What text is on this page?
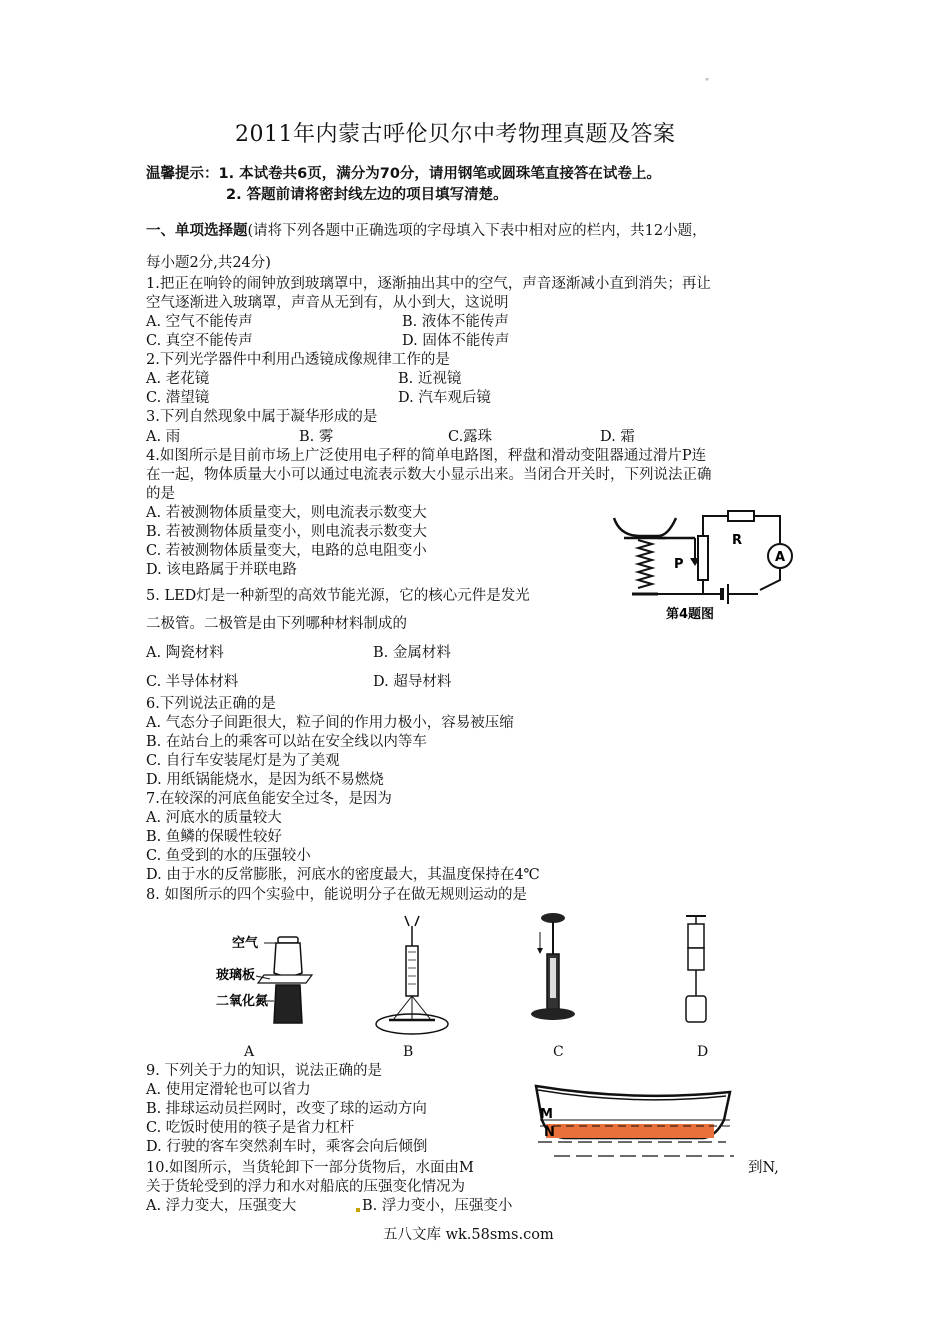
"
2011年内蒙古呼伦贝尔中考物理真题及答案
温馨提示：1. 本试卷共6页，满分为70分，请用钢笔或圆珠笔直接答在试卷上。
2. 答题前请将密封线左边的项目填写清楚。
一、单项选择题(请将下列各题中正确选项的字母填入下表中相对应的栏内，共12小题，
每小题2分,共24分)
1.把正在响铃的闹钟放到玻璃罩中，逐渐抽出其中的空气，声音逐渐减小直到消失；再让
空气逐渐进入玻璃罩，声音从无到有，从小到大，这说明
A. 空气不能传声	B. 液体不能传声
C. 真空不能传声	D. 固体不能传声
2.下列光学器件中利用凸透镜成像规律工作的是
A. 老花镜	B. 近视镜
C. 潜望镜	D. 汽车观后镜
3.下列自然现象中属于凝华形成的是
A. 雨	B. 雾	C.露珠	D. 霜
4.如图所示是目前市场上广泛使用电子秤的简单电路图，秤盘和滑动变阻器通过滑片P连
在一起，物体质量大小可以通过电流表示数大小显示出来。当闭合开关时，下列说法正确
的是
A. 若被测物体质量变大，则电流表示数变大
B. 若被测物体质量变小，则电流表示数变大
C. 若被测物体质量变大，电路的总电阻变小
D. 该电路属于并联电路
R
P	A
第4题图
5. LED灯是一种新型的高效节能光源，它的核心元件是发光
二极管。二极管是由下列哪种材料制成的
A. 陶瓷材料	B. 金属材料
C. 半导体材料	D. 超导材料
6.下列说法正确的是
A. 气态分子间距很大，粒子间的作用力极小，容易被压缩
B. 在站台上的乘客可以站在安全线以内等车
C. 自行车安装尾灯是为了美观
D. 用纸锅能烧水，是因为纸不易燃烧
7.在较深的河底鱼能安全过冬，是因为
A. 河底水的质量较大
B. 鱼鳞的保暖性较好
C. 鱼受到的水的压强较小
D. 由于水的反常膨胀，河底水的密度最大，其温度保持在4℃
8. 如图所示的四个实验中，能说明分子在做无规则运动的是
空气
玻璃板
二氧化氮
A	B	C	D
9. 下列关于力的知识，说法正确的是
A. 使用定滑轮也可以省力
B. 排球运动员拦网时，改变了球的运动方向
C. 吃饭时使用的筷子是省力杠杆
D. 行驶的客车突然刹车时，乘客会向后倾倒
M
N
10.如图所示，当货轮卸下一部分货物后，水面由M	到N,
关于货轮受到的浮力和水对船底的压强变化情况为
A. 浮力变大，压强变大	B. 浮力变小，压强变小
五八文库 wk.58sms.com
